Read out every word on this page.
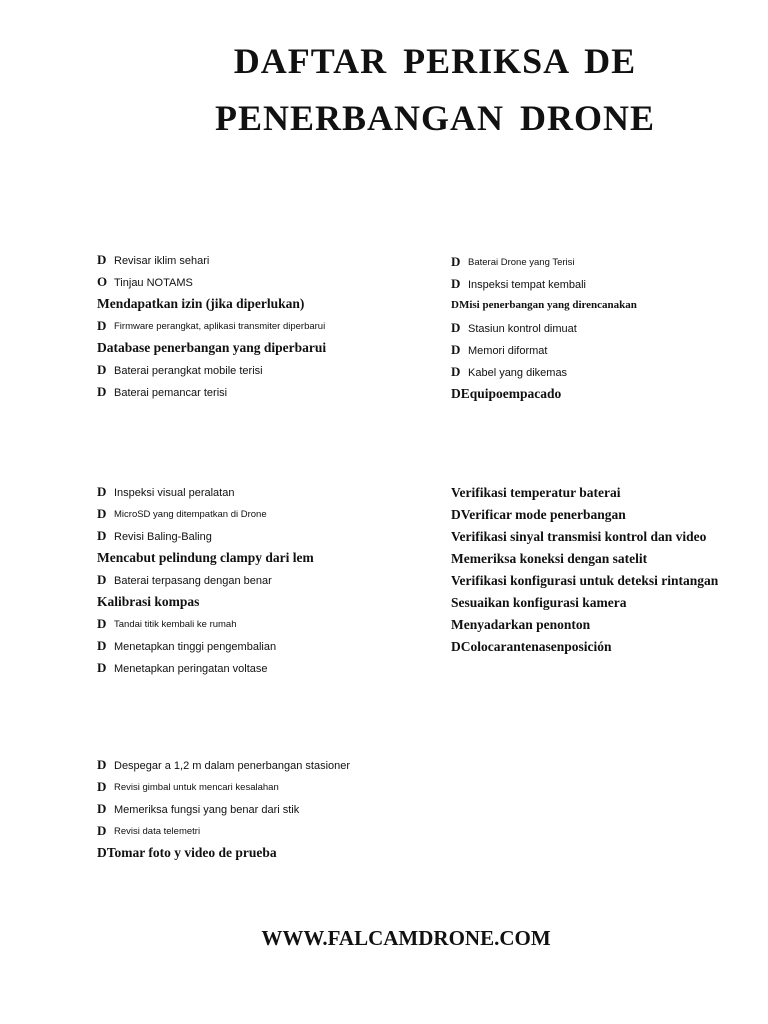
DAFTAR PERIKSA DE
PENERBANGAN DRONE
D Revisar iklim sehari
O Tinjau NOTAMS
Mendapatkan izin (jika diperlukan)
D Firmware perangkat, aplikasi transmiter diperbarui
Database penerbangan yang diperbarui
D Baterai perangkat mobile terisi
D Baterai pemancar terisi
D Baterai Drone yang Terisi
D Inspeksi tempat kembali
DMisi penerbangan yang direncanakan
D Stasiun kontrol dimuat
D Memori diformat
D Kabel yang dikemas
DEquipoempacado
D Inspeksi visual peralatan
D MicroSD yang ditempatkan di Drone
D Revisi Baling-Baling
Mencabut pelindung clampy dari lem
D Baterai terpasang dengan benar
Kalibrasi kompas
D Tandai titik kembali ke rumah
D Menetapkan tinggi pengembalian
D Menetapkan peringatan voltase
Verifikasi temperatur baterai
DVerificar mode penerbangan
Verifikasi sinyal transmisi kontrol dan video
Memeriksa koneksi dengan satelit
Verifikasi konfigurasi untuk deteksi rintangan
Sesuaikan konfigurasi kamera
Menyadarkan penonton
DColocarantenasenposición
D Despegar a 1,2 m dalam penerbangan stasioner
D Revisi gimbal untuk mencari kesalahan
D Memeriksa fungsi yang benar dari stik
D Revisi data telemetri
DTomar foto y video de prueba
WWW.FALCAMDRONE.COM
